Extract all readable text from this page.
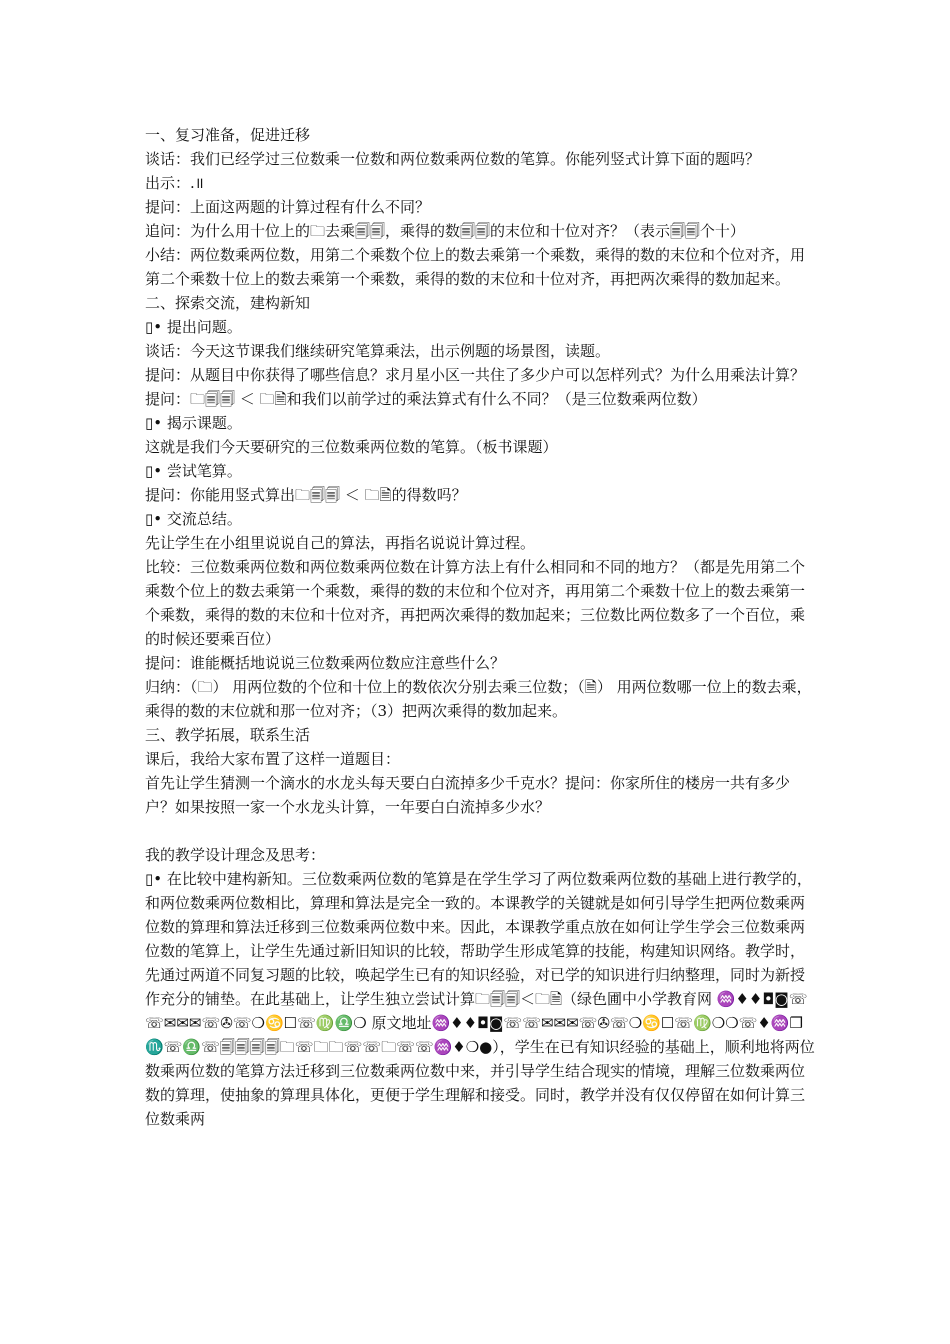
一、复习准备，促进迁移

谈话：我们已经学过三位数乘一位数和两位数乘两位数的笔算。你能列竖式计算下面的题吗？

出示：.॥

提问：上面这两题的计算过程有什么不同？

追问：为什么用十位上的🗀去乘🗐🗐，乘得的数🗐🗐的末位和十位对齐？（表示🗐🗐个十）

小结：两位数乘两位数，用第二个乘数个位上的数去乘第一个乘数，乘得的数的末位和个位对齐，用第二个乘数十位上的数去乘第一个乘数，乘得的数的末位和十位对齐，再把两次乘得的数加起来。

二、探索交流，建构新知

▯• 提出问题。

谈话：今天这节课我们继续研究笔算乘法，出示例题的场景图，读题。

提问：从题目中你获得了哪些信息？求月星小区一共住了多少户可以怎样列式？为什么用乘法计算？

提问：🗀🗐🗐 ＜ 🗀🗎和我们以前学过的乘法算式有什么不同？（是三位数乘两位数）

▯• 揭示课题。

这就是我们今天要研究的三位数乘两位数的笔算。（板书课题）

▯• 尝试笔算。

提问：你能用竖式算出🗀🗐🗐 ＜ 🗀🗎的得数吗？

▯• 交流总结。

先让学生在小组里说说自己的算法，再指名说说计算过程。

比较：三位数乘两位数和两位数乘两位数在计算方法上有什么相同和不同的地方？（都是先用第二个乘数个位上的数去乘第一个乘数，乘得的数的末位和个位对齐，再用第二个乘数十位上的数去乘第一个乘数，乘得的数的末位和十位对齐，再把两次乘得的数加起来；三位数比两位数多了一个百位，乘的时候还要乘百位）

提问：谁能概括地说说三位数乘两位数应注意些什么？

归纳：（🗀） 用两位数的个位和十位上的数依次分别去乘三位数；（🗎） 用两位数哪一位上的数去乘，乘得的数的末位就和那一位对齐；（3）把两次乘得的数加起来。

三、教学拓展，联系生活

课后，我给大家布置了这样一道题目：

首先让学生猜测一个滴水的水龙头每天要白白流掉多少千克水？提问：你家所住的楼房一共有多少户？如果按照一家一个水龙头计算，一年要白白流掉多少水？

我的教学设计理念及思考：

▯• 在比较中建构新知。三位数乘两位数的笔算是在学生学习了两位数乘两位数的基础上进行教学的，和两位数乘两位数相比，算理和算法是完全一致的。本课教学的关键就是如何引导学生把两位数乘两位数的算理和算法迁移到三位数乘两位数中来。因此，本课教学重点放在如何让学生学会三位数乘两位数的笔算上，让学生先通过新旧知识的比较，帮助学生形成笔算的技能，构建知识网络。教学时，先通过两道不同复习题的比较，唤起学生已有的知识经验，对已学的知识进行归纳整理，同时为新授作充分的铺垫。在此基础上，让学生独立尝试计算🗀🗐🗐＜🗀🗎（绿色圃中小学教育网 ♒♦♦◘◙☏☏✉✉✉☏✇☏❍♋☐☏♍♎❍ 原文地址♒♦♦◘◙☏☏✉✉✉☏✇☏❍♋☐☏♍❍❍☏♦♒❒♏☏♎☏🗐🗐🗐🗐🗀☏🗀🗀☏☏🗀☏☏♒♦❍●），学生在已有知识经验的基础上，顺利地将两位数乘两位数的笔算方法迁移到三位数乘两位数中来，并引导学生结合现实的情境，理解三位数乘两位数的算理，使抽象的算理具体化，更便于学生理解和接受。同时，教学并没有仅仅停留在如何计算三位数乘两
